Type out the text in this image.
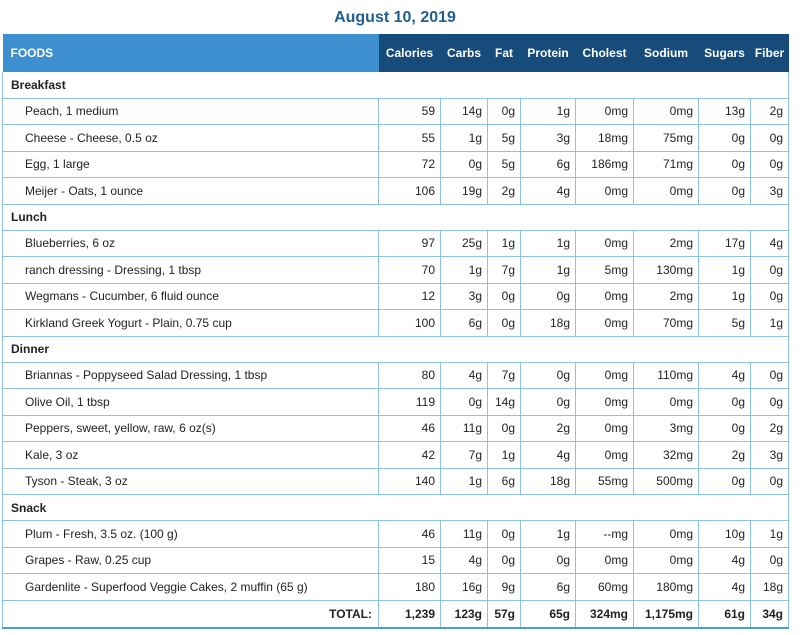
August 10, 2019
FOODS	Calories	Carbs	Fat	Protein	Cholest	Sodium	Sugars	Fiber
Breakfast								
Peach, 1 medium	59	14g	0g	1g	0mg	0mg	13g	2g
Cheese - Cheese, 0.5 oz	55	1g	5g	3g	18mg	75mg	0g	0g
Egg, 1 large	72	0g	5g	6g	186mg	71mg	0g	0g
Meijer - Oats, 1 ounce	106	19g	2g	4g	0mg	0mg	0g	3g
Lunch								
Blueberries, 6 oz	97	25g	1g	1g	0mg	2mg	17g	4g
ranch dressing - Dressing, 1 tbsp	70	1g	7g	1g	5mg	130mg	1g	0g
Wegmans - Cucumber, 6 fluid ounce	12	3g	0g	0g	0mg	2mg	1g	0g
Kirkland Greek Yogurt - Plain, 0.75 cup	100	6g	0g	18g	0mg	70mg	5g	1g
Dinner								
Briannas - Poppyseed Salad Dressing, 1 tbsp	80	4g	7g	0g	0mg	110mg	4g	0g
Olive Oil, 1 tbsp	119	0g	14g	0g	0mg	0mg	0g	0g
Peppers, sweet, yellow, raw, 6 oz(s)	46	11g	0g	2g	0mg	3mg	0g	2g
Kale, 3 oz	42	7g	1g	4g	0mg	32mg	2g	3g
Tyson - Steak, 3 oz	140	1g	6g	18g	55mg	500mg	0g	0g
Snack								
Plum - Fresh, 3.5 oz. (100 g)	46	11g	0g	1g	--mg	0mg	10g	1g
Grapes - Raw, 0.25 cup	15	4g	0g	0g	0mg	0mg	4g	0g
Gardenlite - Superfood Veggie Cakes, 2 muffin (65 g)	180	16g	9g	6g	60mg	180mg	4g	18g
TOTAL:	1,239	123g	57g	65g	324mg	1,175mg	61g	34g
